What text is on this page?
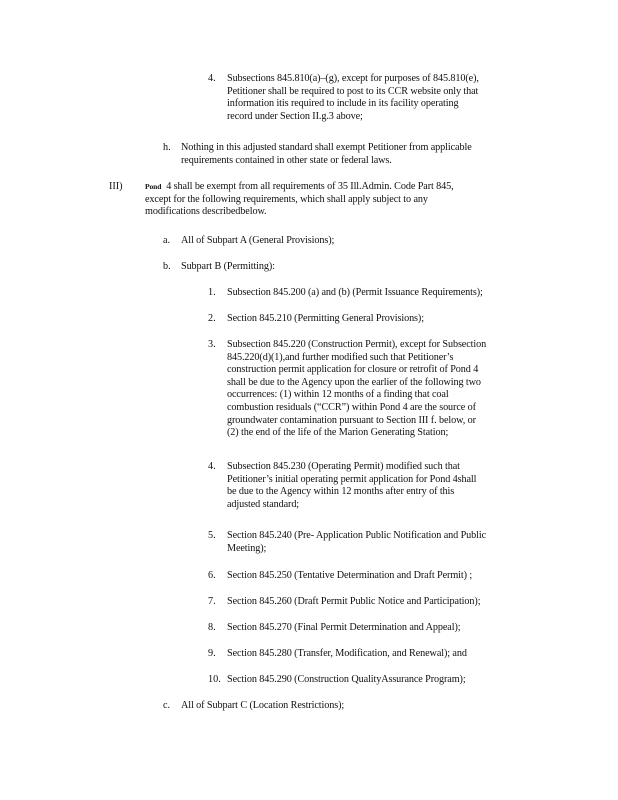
4. Subsections 845.810(a)–(g), except for purposes of 845.810(e),
Petitioner shall be required to post to its CCR website only that
information itis required to include in its facility operating
record under Section II.g.3 above;
h. Nothing in this adjusted standard shall exempt Petitioner from applicable
requirements contained in other state or federal laws.
III)	Pond 4 shall be exempt from all requirements of 35 Ill.Admin. Code Part 845,
except for the following requirements, which shall apply subject to any
modifications describedbelow.
a. All of Subpart A (General Provisions);
b. Subpart B (Permitting):
1. Subsection 845.200 (a) and (b) (Permit Issuance Requirements);
2. Section 845.210 (Permitting General Provisions);
3. Subsection 845.220 (Construction Permit), except for Subsection
845.220(d)(1),and further modified such that Petitioner’s
construction permit application for closure or retrofit of Pond 4
shall be due to the Agency upon the earlier of the following two
occurrences: (1) within 12 months of a finding that coal
combustion residuals (“CCR”) within Pond 4 are the source of
groundwater contamination pursuant to Section III f. below, or
(2) the end of the life of the Marion Generating Station;
4. Subsection 845.230 (Operating Permit) modified such that
Petitioner’s initial operating permit application for Pond 4shall
be due to the Agency within 12 months after entry of this
adjusted standard;
5. Section 845.240 (Pre- Application Public Notification and Public
Meeting);
6. Section 845.250 (Tentative Determination and Draft Permit) ;
7. Section 845.260 (Draft Permit Public Notice and Participation);
8. Section 845.270 (Final Permit Determination and Appeal);
9. Section 845.280 (Transfer, Modification, and Renewal); and
10. Section 845.290 (Construction QualityAssurance Program);
c. All of Subpart C (Location Restrictions);
